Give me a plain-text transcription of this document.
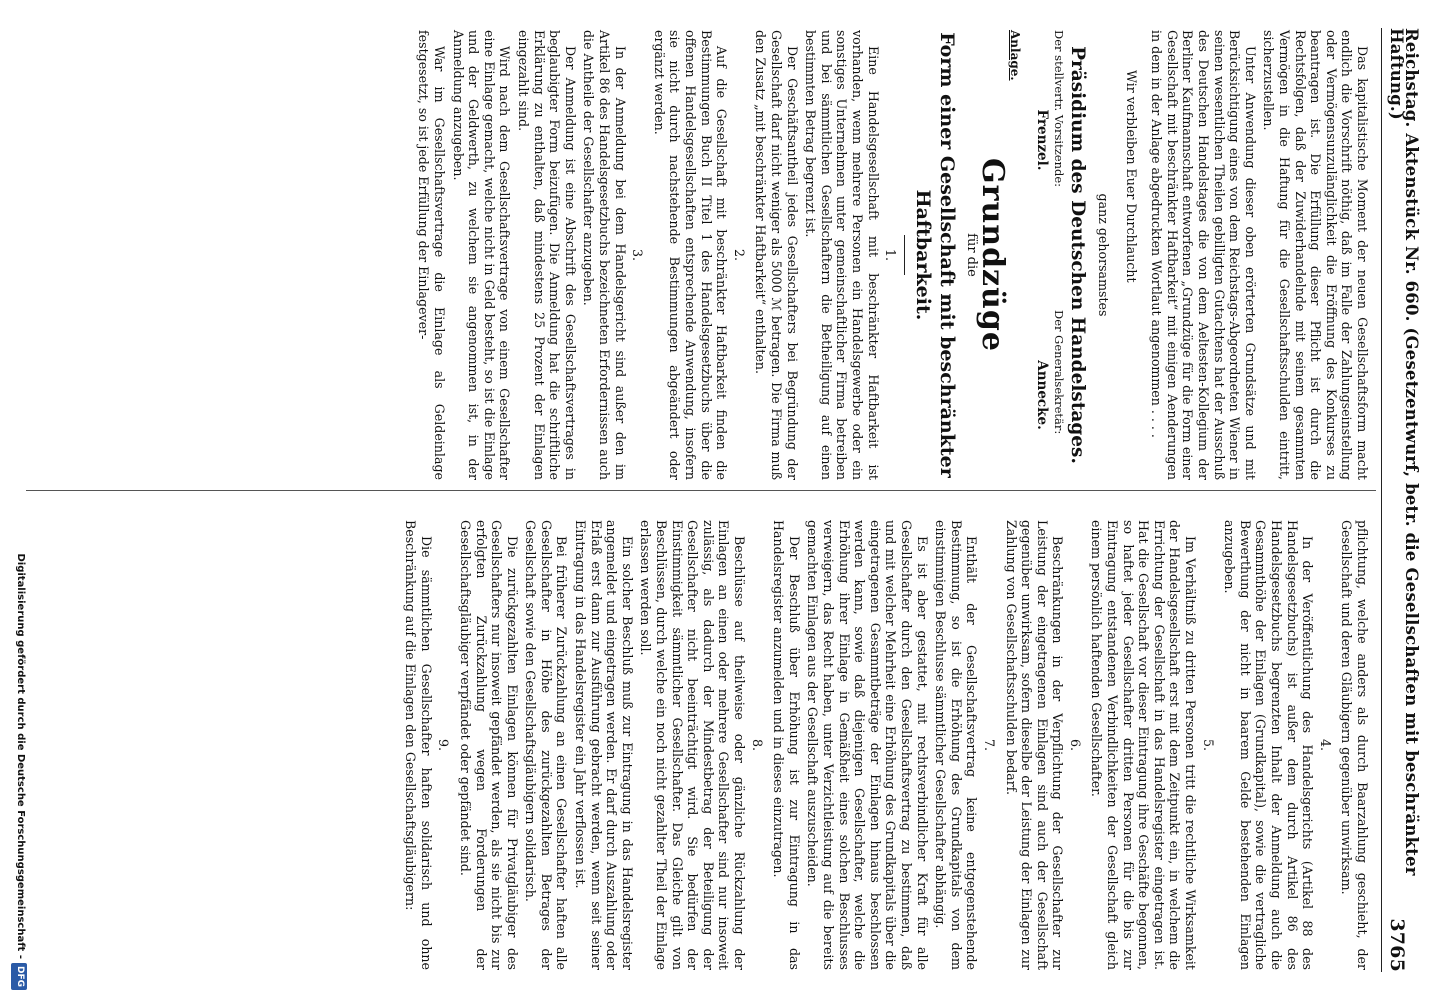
Reichstag. Aktenstück Nr. 660. (Gesetzentwurf, betr. die Gesellschaften mit beschränkter Haftung.)
3765

Das kapitalistische Moment der neuen Gesellschaftsform macht endlich die Vorschrift nöthig, daß im Falle der Zahlungseinstellung oder Vermögensunzulänglichkeit die Eröffnung des Konkurses zu beantragen ist. Die Erfüllung dieser Pflicht ist durch die Rechtsfolgen, daß der Zuwiderhandelnde mit seinem gesammten Vermögen in die Haftung für die Gesellschaftsschulden eintritt, sicherzustellen.

Unter Anwendung dieser oben erörterten Grundsätze und mit Berücksichtigung eines von dem Reichstags-Abgeordneten Wiener in seinen wesentlichen Theilen gebilligten Gutachtens hat der Ausschuß des Deutschen Handelstages die von dem Aeltesten-Kollegium der Berliner Kaufmannschaft entworfenen „Grundzüge für die Form einer Gesellschaft mit beschränkter Haftbarkeit“ mit einigen Aenderungen in dem in der Anlage abgedruckten Wortlaut angenommen . . . .

Wir verbleiben Euer Durchlaucht

ganz gehorsamstes

Präsidium des Deutschen Handelstages.

Der stellvertr. Vorsitzende:
Frenzel.
Der Generalsekretär:
Annecke.

Anlage.

Grundzüge

für die

Form einer Gesellschaft mit beschränkter Haftbarkeit.

1.

Eine Handelsgesellschaft mit beschränkter Haftbarkeit ist vorhanden, wenn mehrere Personen ein Handelsgewerbe oder ein sonstiges Unternehmen unter gemeinschaftlicher Firma betreiben und bei sämmtlichen Gesellschaftern die Betheiligung auf einen bestimmten Betrag begrenzt ist.

Der Geschäftsantheil jedes Gesellschafters bei Begründung der Gesellschaft darf nicht weniger als 5000 ℳ betragen. Die Firma muß den Zusatz „mit beschränkter Haftbarkeit“ enthalten.

2.

Auf die Gesellschaft mit beschränkter Haftbarkeit finden die Bestimmungen Buch II Titel 1 des Handelsgesetzbuchs über die offenen Handelsgesellschaften entsprechende Anwendung, insofern sie nicht durch nachstehende Bestimmungen abgeändert oder ergänzt werden.

3.

In der Anmeldung bei dem Handelsgericht sind außer den im Artikel 86 des Handelsgesetzbuchs bezeichneten Erfordernissen auch die Antheile der Gesellschafter anzugeben.

Der Anmeldung ist eine Abschrift des Gesellschaftsvertrages in beglaubigter Form beizufügen. Die Anmeldung hat die schriftliche Erklärung zu enthalten, daß mindestens 25 Prozent der Einlagen eingezahlt sind.

Wird nach dem Gesellschaftsvertrage von einem Gesellschafter eine Einlage gemacht, welche nicht in Geld besteht, so ist die Einlage und der Geldwerth, zu welchem sie angenommen ist, in der Anmeldung anzugeben.

War im Gesellschaftsvertrage die Einlage als Geldeinlage festgesetzt, so ist jede Erfüllung der Einlagever-

pflichtung, welche anders als durch Baarzahlung geschieht, der Gesellschaft und deren Gläubigern gegenüber unwirksam.

4.

In der Veröffentlichung des Handelsgerichts (Artikel 88 des Handelsgesetzbuchs) ist außer dem durch Artikel 86 des Handelsgesetzbuchs begrenzten Inhalt der Anmeldung auch die Gesammthöhe der Einlagen (Grundkapital), sowie die vertragliche Bewerthung der nicht in baarem Gelde bestehenden Einlagen anzugeben.

5.

Im Verhältniß zu dritten Personen tritt die rechtliche Wirksamkeit der Handelsgesellschaft erst mit dem Zeitpunkt ein, in welchem die Errichtung der Gesellschaft in das Handelsregister eingetragen ist. Hat die Gesellschaft vor dieser Eintragung ihre Geschäfte begonnen, so haftet jeder Gesellschafter dritten Personen für die bis zur Eintragung entstandenen Verbindlichkeiten der Gesellschaft gleich einem persönlich haftenden Gesellschafter.

6.

Beschränkungen in der Verpflichtung der Gesellschafter zur Leistung der eingetragenen Einlagen sind auch der Gesellschaft gegenüber unwirksam, sofern dieselbe der Leistung der Einlagen zur Zahlung von Gesellschaftsschulden bedarf.

7.

Enthält der Gesellschaftsvertrag keine entgegenstehende Bestimmung, so ist die Erhöhung des Grundkapitals von dem einstimmigen Beschlusse sämmtlicher Gesellschafter abhängig.

Es ist aber gestattet, mit rechtsverbindlicher Kraft für alle Gesellschafter durch den Gesellschaftsvertrag zu bestimmen, daß und mit welcher Mehrheit eine Erhöhung des Grundkapitals über die eingetragenen Gesammtbeträge der Einlagen hinaus beschlossen werden kann, sowie daß diejenigen Gesellschafter, welche die Erhöhung ihrer Einlage in Gemäßheit eines solchen Beschlusses verweigern, das Recht haben, unter Verzichtleistung auf die bereits gemachten Einlagen aus der Gesellschaft auszuscheiden.

Der Beschluß über Erhöhung ist zur Eintragung in das Handelsregister anzumelden und in dieses einzutragen.

8.

Beschlüsse auf theilweise oder gänzliche Rückzahlung der Einlagen an einen oder mehrere Gesellschafter sind nur insoweit zulässig, als dadurch der Mindestbetrag der Beteiligung der Gesellschafter nicht beeinträchtigt wird. Sie bedürfen der Einstimmigkeit sämmtlicher Gesellschafter. Das Gleiche gilt von Beschlüssen, durch welche ein noch nicht gezahlter Theil der Einlage erlassen werden soll.

Ein solcher Beschluß muß zur Eintragung in das Handelsregister angemeldet und eingetragen werden. Er darf durch Auszahlung oder Erlaß erst dann zur Ausführung gebracht werden, wenn seit seiner Eintragung in das Handelsregister ein Jahr verflossen ist.

Bei früherer Zurückzahlung an einen Gesellschafter haften alle Gesellschafter in Höhe des zurückgezahlten Betrages der Gesellschaft sowie den Gesellschaftsgläubigern solidarisch.

Die zurückgezahlten Einlagen können für Privatgläubiger des Gesellschafters nur insoweit gepfändet werden, als sie nicht bis zur erfolgten Zurückzahlung wegen Forderungen der Gesellschaftsgläubiger verpfändet oder gepfändet sind.

9.

Die sämmtlichen Gesellschafter haften solidarisch und ohne Beschränkung auf die Einlagen den Gesellschaftsgläubigern:

Digitalisierung gefördert durch die Deutsche Forschungsgemeinschaft -DFG
